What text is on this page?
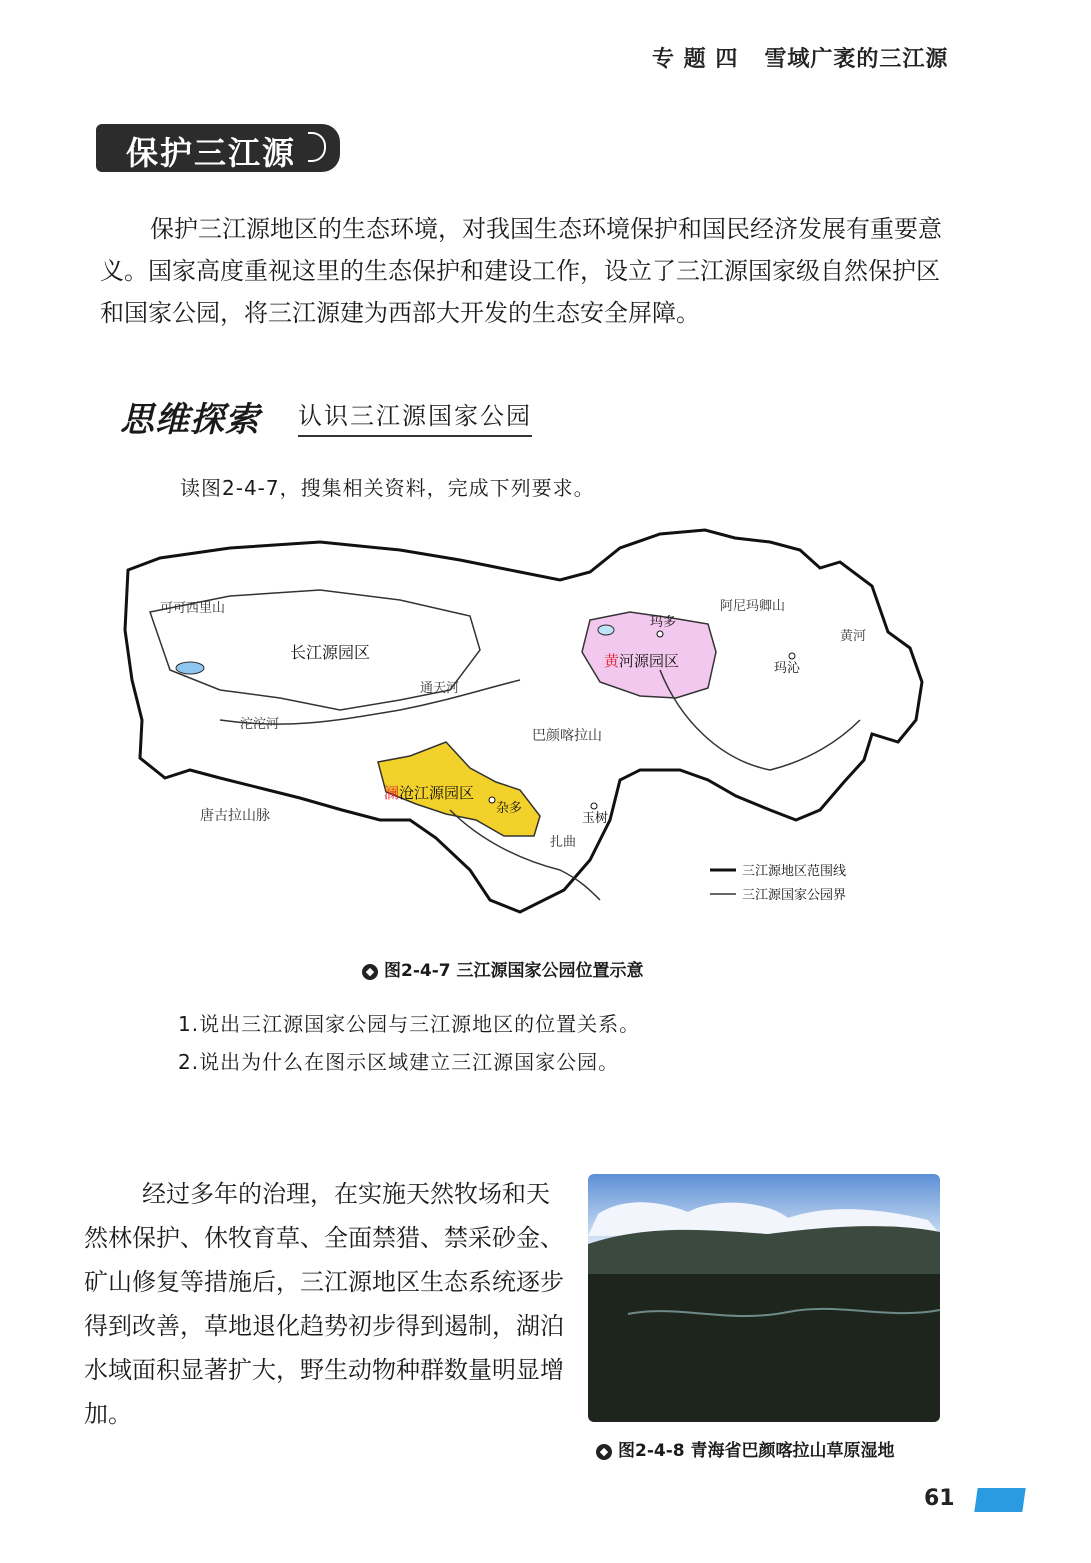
专 题 四 雪域广袤的三江源
保护三江源

保护三江源地区的生态环境，对我国生态环境保护和国民经济发展有重要意义。国家高度重视这里的生态保护和建设工作，设立了三江源国家级自然保护区和国家公园，将三江源建为西部大开发的生态安全屏障。

思维探索 认识三江源国家公园
读图2-4-7，搜集相关资料，完成下列要求。
可可西里山
长江源园区
沱沱河
通天河
唐古拉山脉
巴颜喀拉山
澜沧江源园区
杂多
扎曲
玉树
黄河源园区
玛多
阿尼玛卿山
玛沁
黄河
三江源地区范围线
三江源国家公园界
◆ 图2-4-7 三江源国家公园位置示意
1.说出三江源国家公园与三江源地区的位置关系。
2.说出为什么在图示区域建立三江源国家公园。

经过多年的治理，在实施天然牧场和天然林保护、休牧育草、全面禁猎、禁采砂金、矿山修复等措施后，三江源地区生态系统逐步得到改善，草地退化趋势初步得到遏制，湖泊水域面积显著扩大，野生动物种群数量明显增加。

◆ 图2-4-8 青海省巴颜喀拉山草原湿地
61
